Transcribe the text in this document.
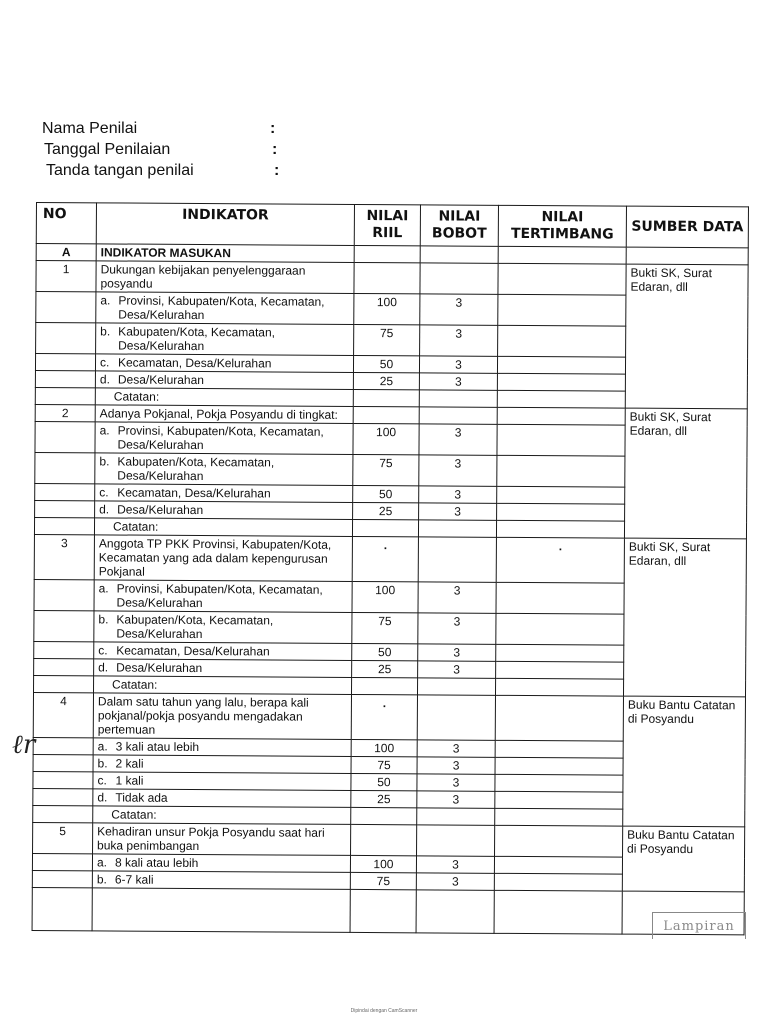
Nama Penilai	:
Tanggal Penilaian	:
Tanda tangan penilai	:
NO	INDIKATOR	NILAI RIIL	NILAI BOBOT	NILAI TERTIMBANG	SUMBER DATA
A	INDIKATOR MASUKAN				
1	Dukungan kebijakan penyelenggaraan posyandu				Bukti SK, Surat Edaran, dll

	a. Provinsi, Kabupaten/Kota, Kecamatan, Desa/Kelurahan	100	3		

	b. Kabupaten/Kota, Kecamatan, Desa/Kelurahan	75	3		

	c. Kecamatan, Desa/Kelurahan	50	3		

	d. Desa/Kelurahan	25	3		
	Catatan:				
2	Adanya Pokjanal, Pokja Posyandu di tingkat:				Bukti SK, Surat Edaran, dll

	a. Provinsi, Kabupaten/Kota, Kecamatan, Desa/Kelurahan	100	3		

	b. Kabupaten/Kota, Kecamatan, Desa/Kelurahan	75	3		

	c. Kecamatan, Desa/Kelurahan	50	3		

	d. Desa/Kelurahan	25	3		
	Catatan:				
3	Anggota TP PKK Provinsi, Kabupaten/Kota, Kecamatan yang ada dalam kepengurusan Pokjanal	.		.	Bukti SK, Surat Edaran, dll

	a. Provinsi, Kabupaten/Kota, Kecamatan, Desa/Kelurahan	100	3		

	b. Kabupaten/Kota, Kecamatan, Desa/Kelurahan	75	3		

	c. Kecamatan, Desa/Kelurahan	50	3		

	d. Desa/Kelurahan	25	3		
	Catatan:				
4	Dalam satu tahun yang lalu, berapa kali pokjanal/pokja posyandu mengadakan pertemuan	.			Buku Bantu Catatan di Posyandu

	a. 3 kali atau lebih	100	3		

	b. 2 kali	75	3		

	c. 1 kali	50	3		

	d. Tidak ada	25	3		
	Catatan:				
5	Kehadiran unsur Pokja Posyandu saat hari buka penimbangan				Buku Bantu Catatan di Posyandu

	a. 8 kali atau lebih	100	3		

	b. 6-7 kali	75	3		

Lampiran
ℓr
Dipindai dengan CamScanner
